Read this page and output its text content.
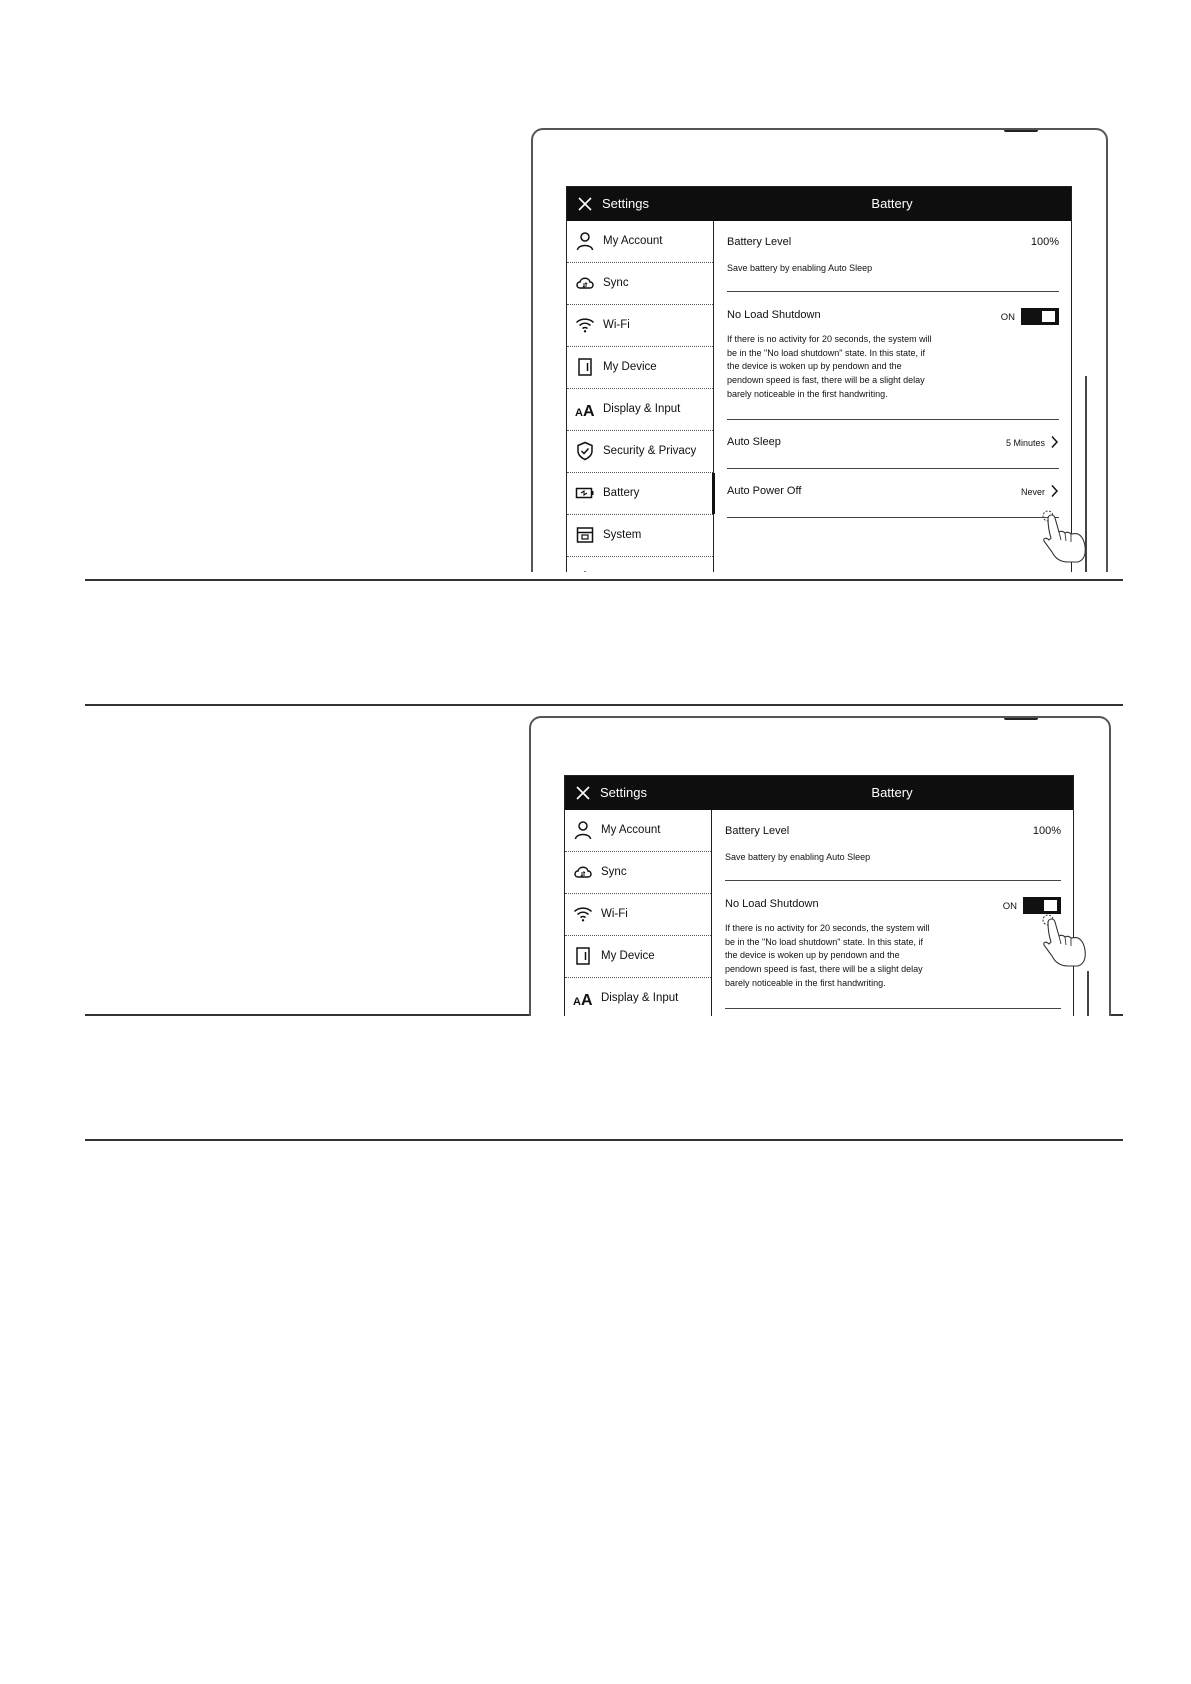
Settings	Battery
My Account
Sync
Wi-Fi
My Device
A A Display & Input
Security & Privacy
Battery
System
Battery Level	100%
Save battery by enabling Auto Sleep
No Load Shutdown	ON
If there is no activity for 20 seconds, the system will be in the "No load shutdown" state. In this state, if the device is woken up by pendown and the pendown speed is fast, there will be a slight delay barely noticeable in the first handwriting.
Auto Sleep	5 Minutes
Auto Power Off	Never
Settings	Battery
My Account
Sync
Wi-Fi
My Device
A A Display & Input
Battery Level	100%
Save battery by enabling Auto Sleep
No Load Shutdown	ON
If there is no activity for 20 seconds, the system will be in the "No load shutdown" state. In this state, if the device is woken up by pendown and the pendown speed is fast, there will be a slight delay barely noticeable in the first handwriting.
